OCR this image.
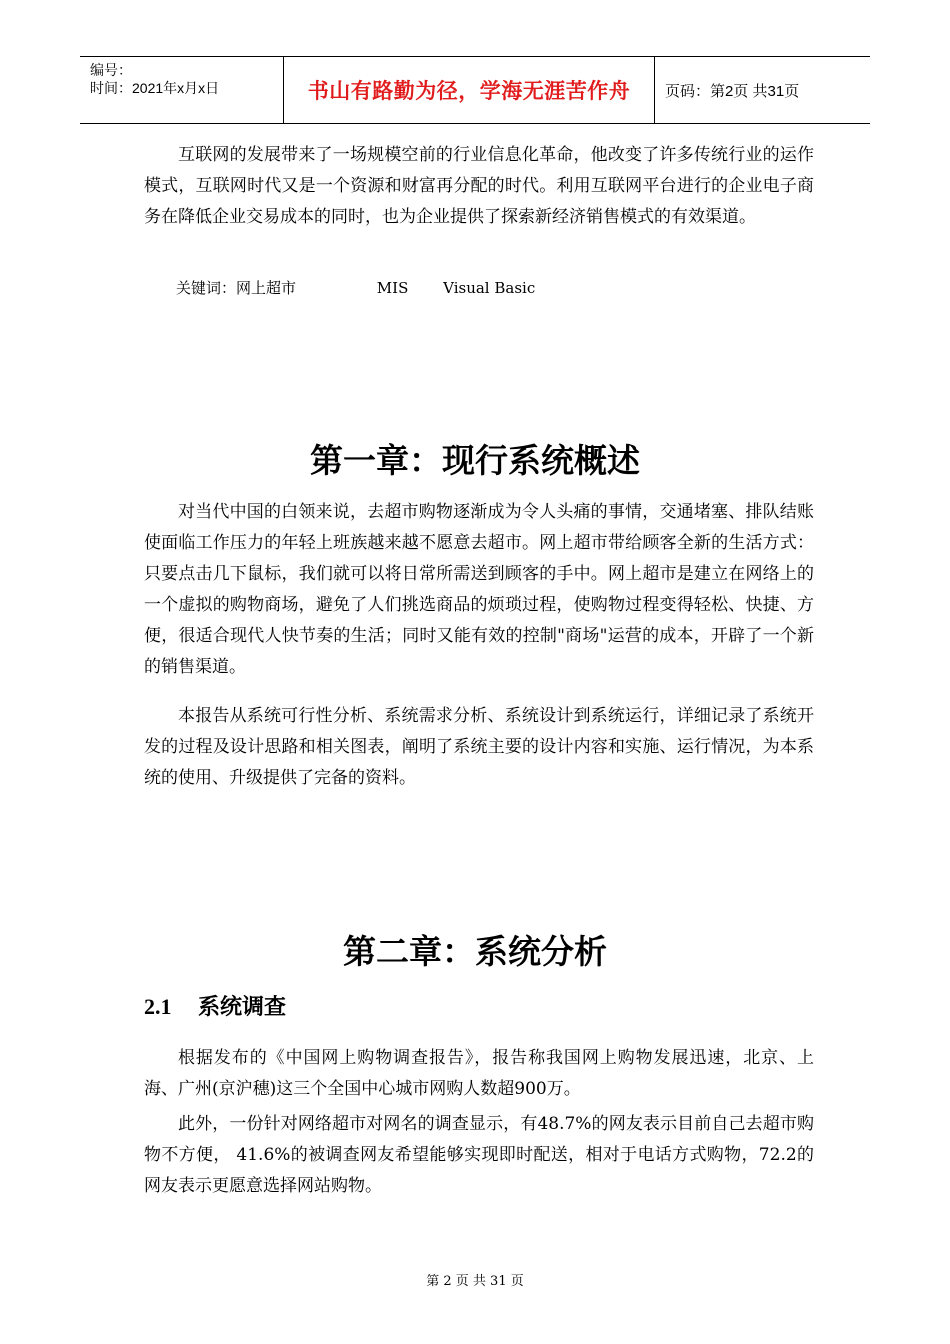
编号：
时间：2021年x月x日	书山有路勤为径，学海无涯苦作舟	页码：第2页 共31页

互联网的发展带来了一场规模空前的行业信息化革命，他改变了许多传统行业的运作模式，互联网时代又是一个资源和财富再分配的时代。利用互联网平台进行的企业电子商务在降低企业交易成本的同时，也为企业提供了探索新经济销售模式的有效渠道。

关键词：网上超市	MIS Visual Basic
第一章：现行系统概述

对当代中国的白领来说，去超市购物逐渐成为令人头痛的事情，交通堵塞、排队结账使面临工作压力的年轻上班族越来越不愿意去超市。网上超市带给顾客全新的生活方式：只要点击几下鼠标，我们就可以将日常所需送到顾客的手中。网上超市是建立在网络上的一个虚拟的购物商场，避免了人们挑选商品的烦琐过程，使购物过程变得轻松、快捷、方便，很适合现代人快节奏的生活；同时又能有效的控制"商场"运营的成本，开辟了一个新的销售渠道。

本报告从系统可行性分析、系统需求分析、系统设计到系统运行，详细记录了系统开发的过程及设计思路和相关图表，阐明了系统主要的设计内容和实施、运行情况，为本系统的使用、升级提供了完备的资料。

第二章：系统分析
2.1 系统调查

根据发布的《中国网上购物调查报告》，报告称我国网上购物发展迅速，北京、上海、广州(京沪穗)这三个全国中心城市网购人数超900万。

此外，一份针对网络超市对网名的调查显示，有48.7%的网友表示目前自己去超市购物不方便， 41.6%的被调查网友希望能够实现即时配送，相对于电话方式购物，72.2的网友表示更愿意选择网站购物。

第 2 页 共 31 页
